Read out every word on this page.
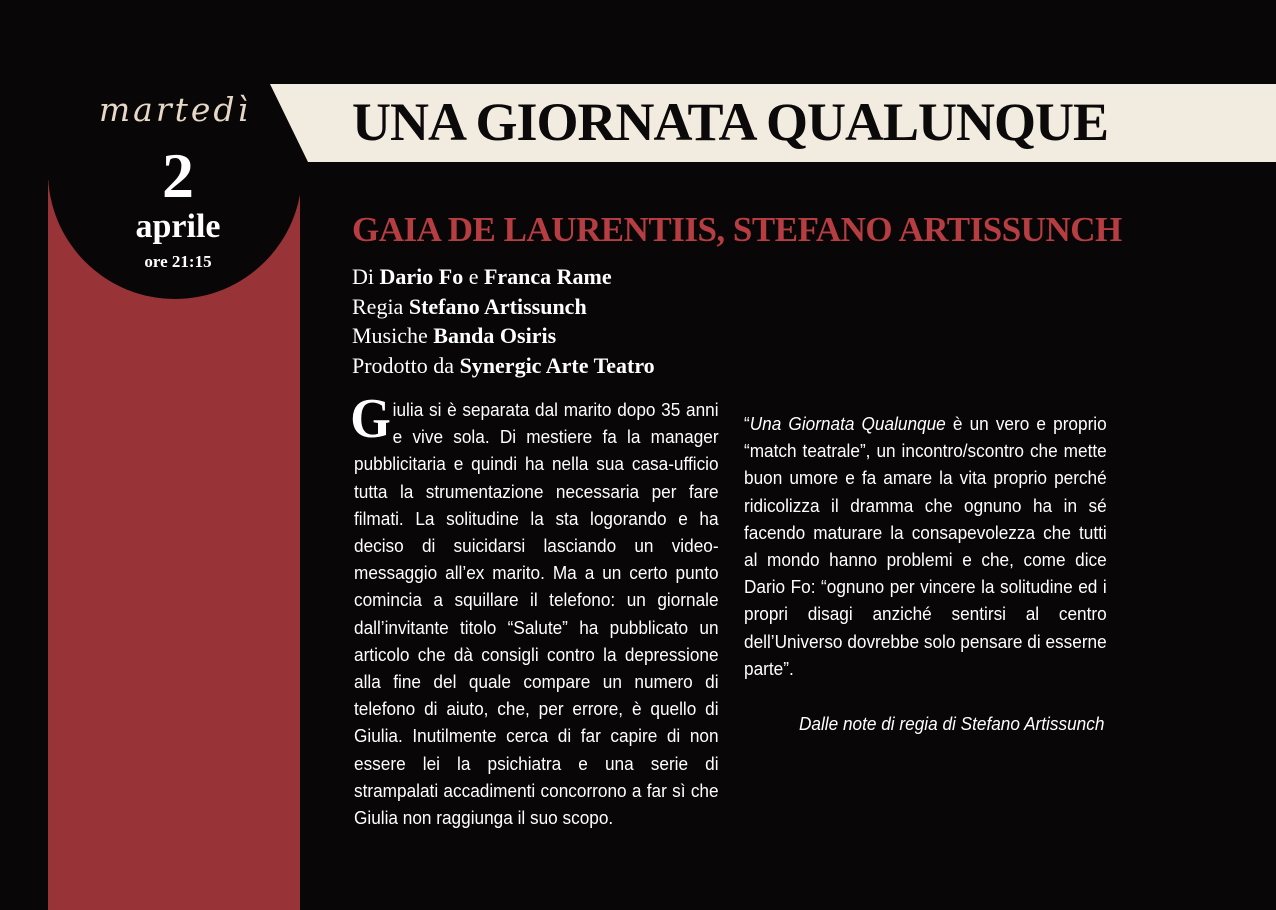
martedì
2
aprile
ore 21:15
UNA GIORNATA QUALUNQUE
GAIA DE LAURENTIIS, STEFANO ARTISSUNCH
Di Dario Fo e Franca Rame
Regia Stefano Artissunch
Musiche Banda Osiris
Prodotto da Synergic Arte Teatro
Giulia si è separata dal marito dopo 35 anni e vive sola. Di mestiere fa la manager pubblicitaria e quindi ha nella sua casa-ufficio tutta la strumentazione necessaria per fare filmati. La solitudine la sta logorando e ha deciso di suicidarsi lasciando un video-messaggio all’ex marito. Ma a un certo punto comincia a squillare il telefono: un giornale dall’invitante titolo “Salute” ha pubblicato un articolo che dà consigli contro la depressione alla fine del quale compare un numero di telefono di aiuto, che, per errore, è quello di Giulia. Inutilmente cerca di far capire di non essere lei la psichiatra e una serie di strampalati accadimenti concorrono a far sì che Giulia non raggiunga il suo scopo.
“Una Giornata Qualunque è un vero e proprio “match teatrale”, un incontro/scontro che mette buon umore e fa amare la vita proprio perché ridicolizza il dramma che ognuno ha in sé facendo maturare la consapevolezza che tutti al mondo hanno problemi e che, come dice Dario Fo: “ognuno per vincere la solitudine ed i propri disagi anziché sentirsi al centro dell’Universo dovrebbe solo pensare di esserne parte”.
Dalle note di regia di Stefano Artissunch
